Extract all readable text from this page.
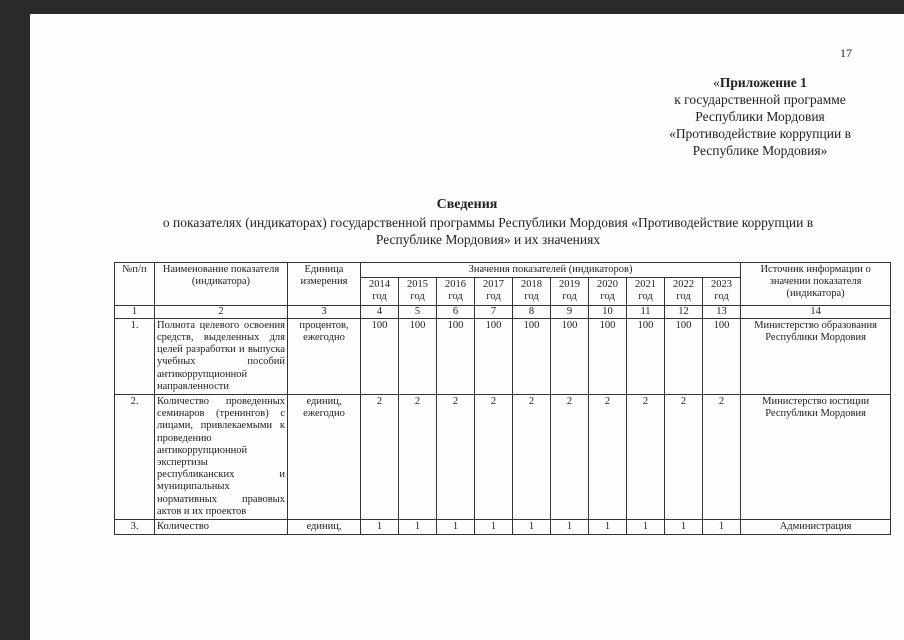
17
«Приложение 1
к государственной программе
Республики Мордовия
«Противодействие коррупции в
Республике Мордовия»
Сведения
о показателях (индикаторах) государственной программы Республики Мордовия «Противодействие коррупции в
Республике Мордовия» и их значениях
№п/п	Наименование показателя (индикатора)	Единица измерения	Значения показателей (индикаторов)										Источник информации о значении показателя (индикатора)
			2014 год	2015 год	2016 год	2017 год	2018 год	2019 год	2020 год	2021 год	2022 год	2023 год	
1	2	3	4	5	6	7	8	9	10	11	12	13	14
1.	Полнота целевого освоения средств, выделенных для целей разработки и выпуска учебных пособий антикоррупционной направленности	процентов, ежегодно	100	100	100	100	100	100	100	100	100	100	Министерство образования Республики Мордовия
2.	Количество проведенных семинаров (тренингов) с лицами, привлекаемыми к проведению антикоррупционной экспертизы республиканских и муниципальных нормативных правовых актов и их проектов	единиц, ежегодно	2	2	2	2	2	2	2	2	2	2	Министерство юстиции Республики Мордовия
3.	Количество	единиц,	1	1	1	1	1	1	1	1	1	1	Администрация
